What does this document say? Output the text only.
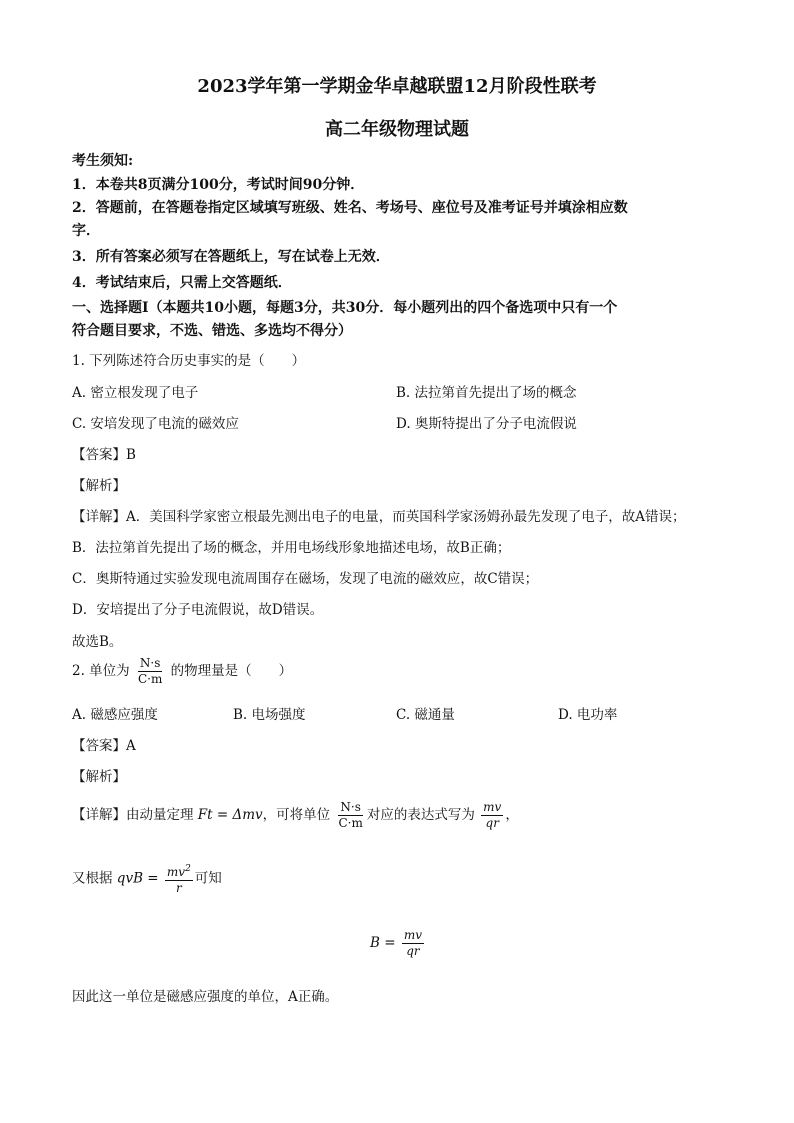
2023学年第一学期金华卓越联盟12月阶段性联考
高二年级物理试题
考生须知:
1．本卷共8页满分100分，考试时间90分钟．
2．答题前，在答题卷指定区域填写班级、姓名、考场号、座位号及准考证号并填涂相应数
字．
3．所有答案必须写在答题纸上，写在试卷上无效．
4．考试结束后，只需上交答题纸．
一、选择题Ⅰ（本题共10小题，每题3分，共30分．每小题列出的四个备选项中只有一个
符合题目要求，不选、错选、多选均不得分）
1. 下列陈述符合历史事实的是（　　）
A. 密立根发现了电子	B. 法拉第首先提出了场的概念
C. 安培发现了电流的磁效应	D. 奥斯特提出了分子电流假说
【答案】B
【解析】
【详解】A．美国科学家密立根最先测出电子的电量，而英国科学家汤姆孙最先发现了电子，故A错误；
B．法拉第首先提出了场的概念，并用电场线形象地描述电场，故B正确；
C．奥斯特通过实验发现电流周围存在磁场，发现了电流的磁效应，故C错误；
D．安培提出了分子电流假说，故D错误。
故选B。
2. 单位为 $\frac{N\cdot s}{C\cdot m}$ 的物理量是（　　）
A. 磁感应强度	B. 电场强度	C. 磁通量	D. 电功率
【答案】A
【解析】
【详解】由动量定理 Ft = Δmv，可将单位 $\frac{N\cdot s}{C\cdot m}$ 对应的表达式写为 $\frac{mv}{qr}$ ，
又根据 qvB = $\frac{mv^2}{r}$ 可知
$B = \frac{mv}{qr}$
因此这一单位是磁感应强度的单位，A正确。
